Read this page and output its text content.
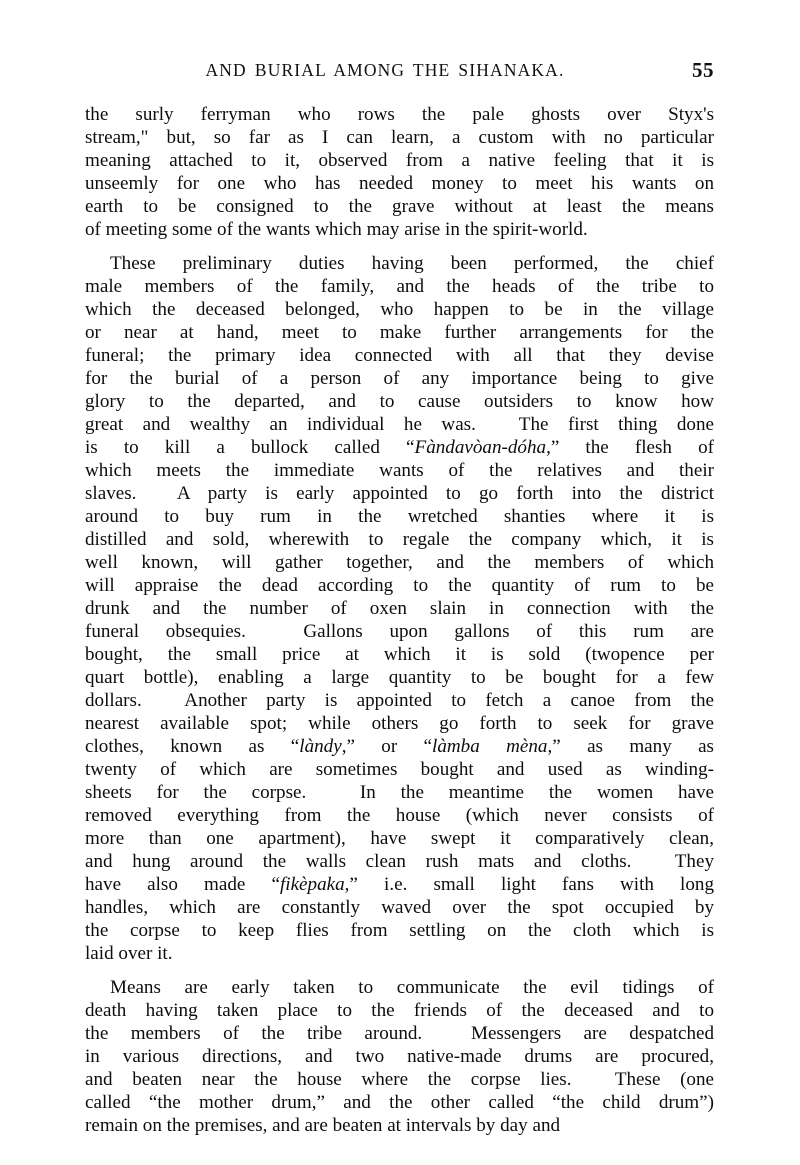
AND BURIAL AMONG THE SIHANAKA.	55
the surly ferryman who rows the pale ghosts over Styx's
stream," but, so far as I can learn, a custom with no particular
meaning attached to it, observed from a native feeling that it is
unseemly for one who has needed money to meet his wants on
earth to be consigned to the grave without at least the means
of meeting some of the wants which may arise in the spirit-world.
These preliminary duties having been performed, the chief
male members of the family, and the heads of the tribe to
which the deceased belonged, who happen to be in the village
or near at hand, meet to make further arrangements for the
funeral; the primary idea connected with all that they devise
for the burial of a person of any importance being to give
glory to the departed, and to cause outsiders to know how
great and wealthy an individual he was. The first thing done
is to kill a bullock called “Fàndavòan-dóha,” the flesh of
which meets the immediate wants of the relatives and their
slaves. A party is early appointed to go forth into the district
around to buy rum in the wretched shanties where it is
distilled and sold, wherewith to regale the company which, it is
well known, will gather together, and the members of which
will appraise the dead according to the quantity of rum to be
drunk and the number of oxen slain in connection with the
funeral obsequies.	Gallons upon gallons of this rum are
bought, the small price at which it is sold (twopence per
quart bottle), enabling a large quantity to be bought for a few
dollars. Another party is appointed to fetch a canoe from the
nearest available spot; while others go forth to seek for grave
clothes, known as “làndy,” or “làmba mèna,” as many as
twenty of which are sometimes bought and used as winding-
sheets for the corpse.	In the meantime the women have
removed everything from the house (which never consists of
more than one apartment), have swept it comparatively clean,
and hung around the walls clean rush mats and cloths. They
have also made “fikèpaka,” i.e. small light fans with long
handles, which are constantly waved over the spot occupied by
the corpse to keep flies from settling on the cloth which is
laid over it.
Means are early taken to communicate the evil tidings of
death having taken place to the friends of the deceased and to
the members of the tribe around.	Messengers are despatched
in various directions, and two native-made drums are procured,
and beaten near the house where the corpse lies. These (one
called “the mother drum,” and the other called “the child drum”)
remain on the premises, and are beaten at intervals by day and
